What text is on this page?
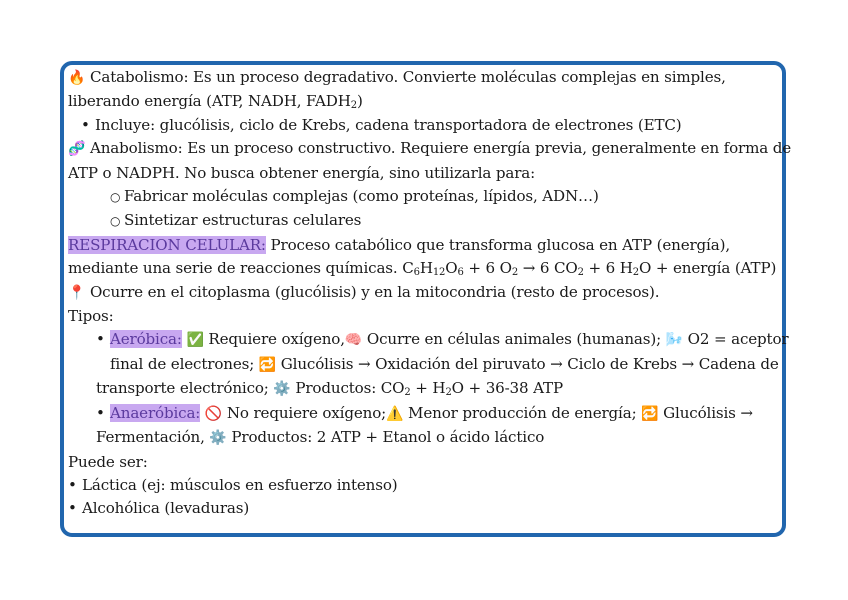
🔥 Catabolismo: Es un proceso degradativo. Convierte moléculas complejas en simples,
liberando energía (ATP, NADH, $FADH_2$)
• Incluye: glucólisis, ciclo de Krebs, cadena transportadora de electrones (ETC)
🧬 Anabolismo: Es un proceso constructivo. Requiere energía previa, generalmente en forma de
ATP o NADPH. No busca obtener energía, sino utilizarla para:
○ Fabricar moléculas complejas (como proteínas, lípidos, ADN…)
○ Sintetizar estructuras celulares
RESPIRACION CELULAR: Proceso catabólico que transforma glucosa en ATP (energía),
mediante una serie de reacciones químicas. $C_6H_{12}O_6 + 6$ $O_2 \to 6$ $CO_2 + 6$ $H_2O$ + energía (ATP)
📍 Ocurre en el citoplasma (glucólisis) y en la mitocondria (resto de procesos).
Tipos:
• Aeróbica: ✅ Requiere oxígeno,🧠 Ocurre en células animales (humanas); 🌬️ O2 = aceptor
final de electrones; 🔁 Glucólisis → Oxidación del piruvato → Ciclo de Krebs → Cadena de
transporte electrónico; ⚙️ Productos: $CO_2 + H_2O + 36-38$ ATP
• Anaeróbica: 🚫 No requiere oxígeno;⚠️ Menor producción de energía; 🔁 Glucólisis →
Fermentación, ⚙️ Productos: 2 ATP + Etanol o ácido láctico
Puede ser:
• Láctica (ej: músculos en esfuerzo intenso)
• Alcohólica (levaduras)
